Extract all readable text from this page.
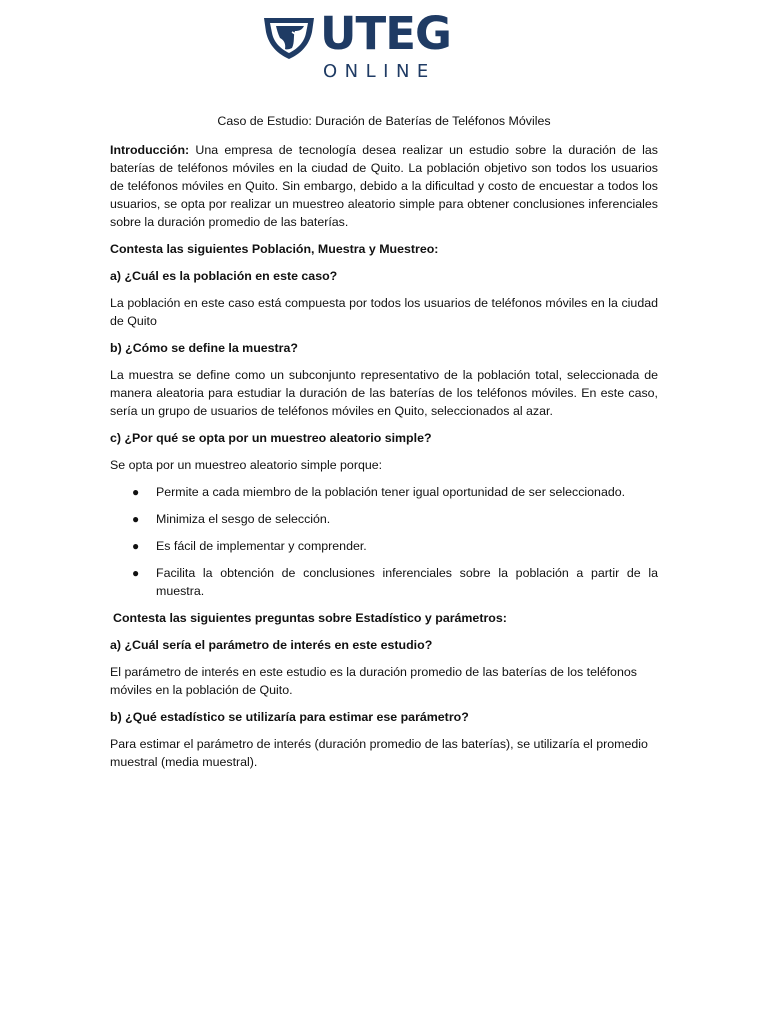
UTEG
ONLINE

Caso de Estudio: Duración de Baterías de Teléfonos Móviles

Introducción: Una empresa de tecnología desea realizar un estudio sobre la duración de las baterías de teléfonos móviles en la ciudad de Quito. La población objetivo son todos los usuarios de teléfonos móviles en Quito. Sin embargo, debido a la dificultad y costo de encuestar a todos los usuarios, se opta por realizar un muestreo aleatorio simple para obtener conclusiones inferenciales sobre la duración promedio de las baterías.

Contesta las siguientes Población, Muestra y Muestreo:

a) ¿Cuál es la población en este caso?

La población en este caso está compuesta por todos los usuarios de teléfonos móviles en la ciudad de Quito

b) ¿Cómo se define la muestra?

La muestra se define como un subconjunto representativo de la población total, seleccionada de manera aleatoria para estudiar la duración de las baterías de los teléfonos móviles. En este caso, sería un grupo de usuarios de teléfonos móviles en Quito, seleccionados al azar.

c) ¿Por qué se opta por un muestreo aleatorio simple?

Se opta por un muestreo aleatorio simple porque:

● Permite a cada miembro de la población tener igual oportunidad de ser seleccionado.
● Minimiza el sesgo de selección.
● Es fácil de implementar y comprender.
● Facilita la obtención de conclusiones inferenciales sobre la población a partir de la muestra.

Contesta las siguientes preguntas sobre Estadístico y parámetros:

a) ¿Cuál sería el parámetro de interés en este estudio?

El parámetro de interés en este estudio es la duración promedio de las baterías de los teléfonos móviles en la población de Quito.

b) ¿Qué estadístico se utilizaría para estimar ese parámetro?

Para estimar el parámetro de interés (duración promedio de las baterías), se utilizaría el promedio muestral (media muestral).
